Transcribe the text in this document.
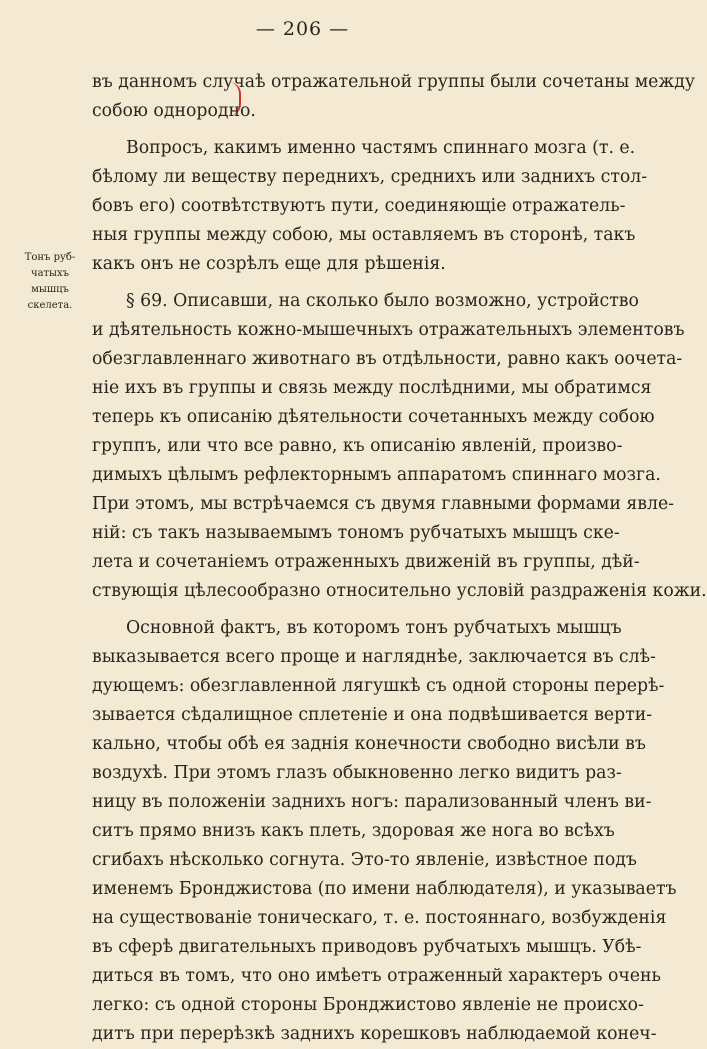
— 206 —
Тонъ руб-
чатыхъ
мышцъ
скелета.
въ данномъ случаѣ отражательной группы были сочетаны между
собою однородно.
Вопросъ, какимъ именно частямъ спиннаго мозга (т. е.
бѣлому ли веществу переднихъ, среднихъ или заднихъ стол-
бовъ его) соотвѣтствуютъ пути, соединяющіе отражатель-
ныя группы между собою, мы оставляемъ въ сторонѣ, такъ
какъ онъ не созрѣлъ еще для рѣшенія.
§ 69. Описавши, на сколько было возможно, устройство
и дѣятельность кожно-мышечныхъ отражательныхъ элементовъ
обезглавленнаго животнаго въ отдѣльности, равно какъ оочета-
ніе ихъ въ группы и связь между послѣдними, мы обратимся
теперь къ описанію дѣятельности сочетанныхъ между собою
группъ, или что все равно, къ описанію явленій, произво-
димыхъ цѣлымъ рефлекторнымъ аппаратомъ спиннаго мозга.
При этомъ, мы встрѣчаемся съ двумя главными формами явле-
ній: съ такъ называемымъ тономъ рубчатыхъ мышцъ ске-
лета и сочетаніемъ отраженныхъ движеній въ группы, дѣй-
ствующія цѣлесообразно относительно условій раздраженія кожи.
Основной фактъ, въ которомъ тонъ рубчатыхъ мышцъ
выказывается всего проще и нагляднѣе, заключается въ слѣ-
дующемъ: обезглавленной лягушкѣ съ одной стороны перерѣ-
зывается сѣдалищное сплетеніе и она подвѣшивается верти-
кально, чтобы обѣ ея заднія конечности свободно висѣли въ
воздухѣ. При этомъ глазъ обыкновенно легко видитъ раз-
ницу въ положеніи заднихъ ногъ: парализованный членъ ви-
ситъ прямо внизъ какъ плеть, здоровая же нога во всѣхъ
сгибахъ нѣсколько согнута. Это-то явленіе, извѣстное подъ
именемъ Бронджистова (по имени наблюдателя), и указываетъ
на существованіе тоническаго, т. е. постояннаго, возбужденія
въ сферѣ двигательныхъ приводовъ рубчатыхъ мышцъ. Убѣ-
диться въ томъ, что оно имѣетъ отраженный характеръ очень
легко: съ одной стороны Бронджистово явленіе не происхо-
дитъ при перерѣзкѣ заднихъ корешковъ наблюдаемой конеч-
